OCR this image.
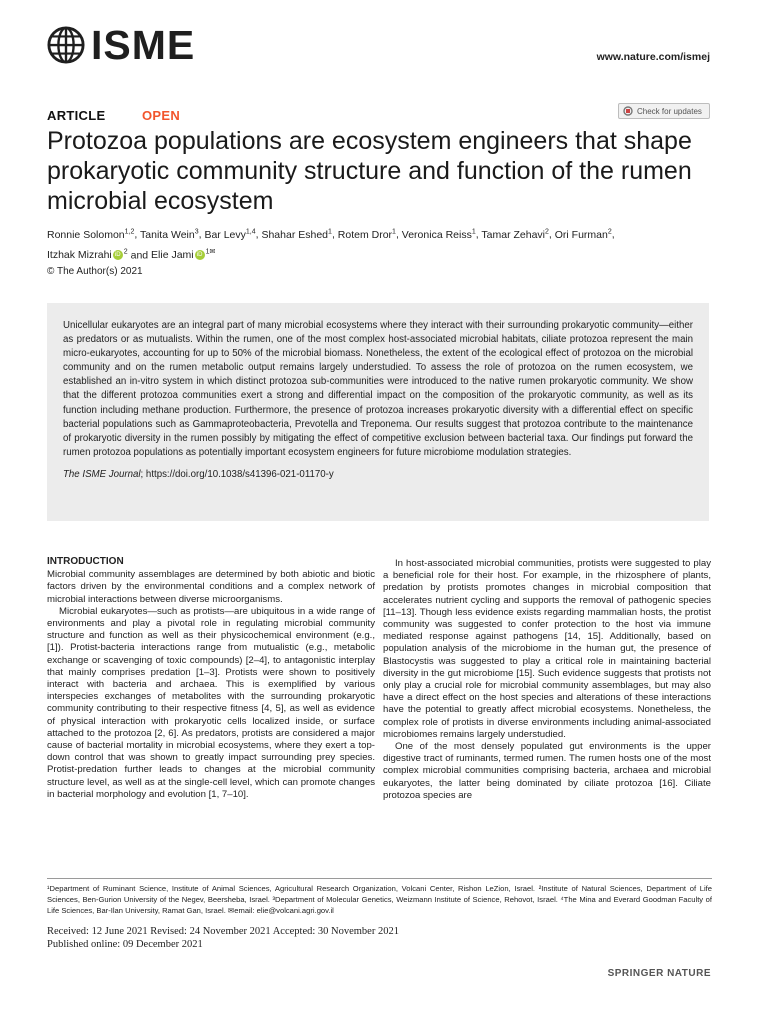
ISME	www.nature.com/ismej
ARTICLE	OPEN	Check for updates
Protozoa populations are ecosystem engineers that shape prokaryotic community structure and function of the rumen microbial ecosystem
Ronnie Solomon$^{1,2}$, Tanita Wein$^3$, Bar Levy$^{1,4}$, Shahar Eshed$^1$, Rotem Dror$^1$, Veronica Reiss$^1$, Tamar Zehavi$^2$, Ori Furman$^2$,
Itzhak Mizrahi iD $^2$ and Elie Jami iD $^{1✉}$
© The Author(s) 2021

Unicellular eukaryotes are an integral part of many microbial ecosystems where they interact with their surrounding prokaryotic community—either as predators or as mutualists. Within the rumen, one of the most complex host-associated microbial habitats, ciliate protozoa represent the main micro-eukaryotes, accounting for up to 50% of the microbial biomass. Nonetheless, the extent of the ecological effect of protozoa on the microbial community and on the rumen metabolic output remains largely understudied. To assess the role of protozoa on the rumen ecosystem, we established an in-vitro system in which distinct protozoa sub-communities were introduced to the native rumen prokaryotic community. We show that the different protozoa communities exert a strong and differential impact on the composition of the prokaryotic community, as well as its function including methane production. Furthermore, the presence of protozoa increases prokaryotic diversity with a differential effect on specific bacterial populations such as Gammaproteobacteria, Prevotella and Treponema. Our results suggest that protozoa contribute to the maintenance of prokaryotic diversity in the rumen possibly by mitigating the effect of competitive exclusion between bacterial taxa. Our findings put forward the rumen protozoa populations as potentially important ecosystem engineers for future microbiome modulation strategies.

The ISME Journal; https://doi.org/10.1038/s41396-021-01170-y

INTRODUCTION

Microbial community assemblages are determined by both abiotic and biotic factors driven by the environmental conditions and a complex network of microbial interactions between diverse microorganisms.

Microbial eukaryotes—such as protists—are ubiquitous in a wide range of environments and play a pivotal role in regulating microbial community structure and function as well as their physicochemical environment (e.g., [1]). Protist-bacteria interactions range from mutualistic (e.g., metabolic exchange or scavenging of toxic compounds) [2–4], to antagonistic interplay that mainly comprises predation [1–3]. Protists were shown to positively interact with bacteria and archaea. This is exemplified by various interspecies exchanges of metabolites with the surrounding prokaryotic community contributing to their respective fitness [4, 5], as well as evidence of physical interaction with prokaryotic cells localized inside, or surface attached to the protozoa [2, 6]. As predators, protists are considered a major cause of bacterial mortality in microbial ecosystems, where they exert a top-down control that was shown to greatly impact surrounding prey species. Protist-predation further leads to changes at the microbial community structure level, as well as at the single-cell level, which can promote changes in bacterial morphology and evolution [1, 7–10].

In host-associated microbial communities, protists were suggested to play a beneficial role for their host. For example, in the rhizosphere of plants, predation by protists promotes changes in microbial composition that accelerates nutrient cycling and supports the removal of pathogenic species [11–13]. Though less evidence exists regarding mammalian hosts, the protist community was suggested to confer protection to the host via immune mediated response against pathogens [14, 15]. Additionally, based on population analysis of the microbiome in the human gut, the presence of Blastocystis was suggested to play a critical role in maintaining bacterial diversity in the gut microbiome [15]. Such evidence suggests that protists not only play a crucial role for microbial community assemblages, but may also have a direct effect on the host species and alterations of these interactions have the potential to greatly affect microbial ecosystems. Nonetheless, the complex role of protists in diverse environments including animal-associated microbiomes remains largely understudied.

One of the most densely populated gut environments is the upper digestive tract of ruminants, termed rumen. The rumen hosts one of the most complex microbial communities comprising bacteria, archaea and microbial eukaryotes, the latter being dominated by ciliate protozoa [16]. Ciliate protozoa species are

¹Department of Ruminant Science, Institute of Animal Sciences, Agricultural Research Organization, Volcani Center, Rishon LeZion, Israel. ²Institute of Natural Sciences, Department of Life Sciences, Ben-Gurion University of the Negev, Beersheba, Israel. ³Department of Molecular Genetics, Weizmann Institute of Science, Rehovot, Israel. ⁴The Mina and Everard Goodman Faculty of Life Sciences, Bar-Ilan University, Ramat Gan, Israel. ✉email: elie@volcani.agri.gov.il
Received: 12 June 2021 Revised: 24 November 2021 Accepted: 30 November 2021
Published online: 09 December 2021
SPRINGER NATURE
